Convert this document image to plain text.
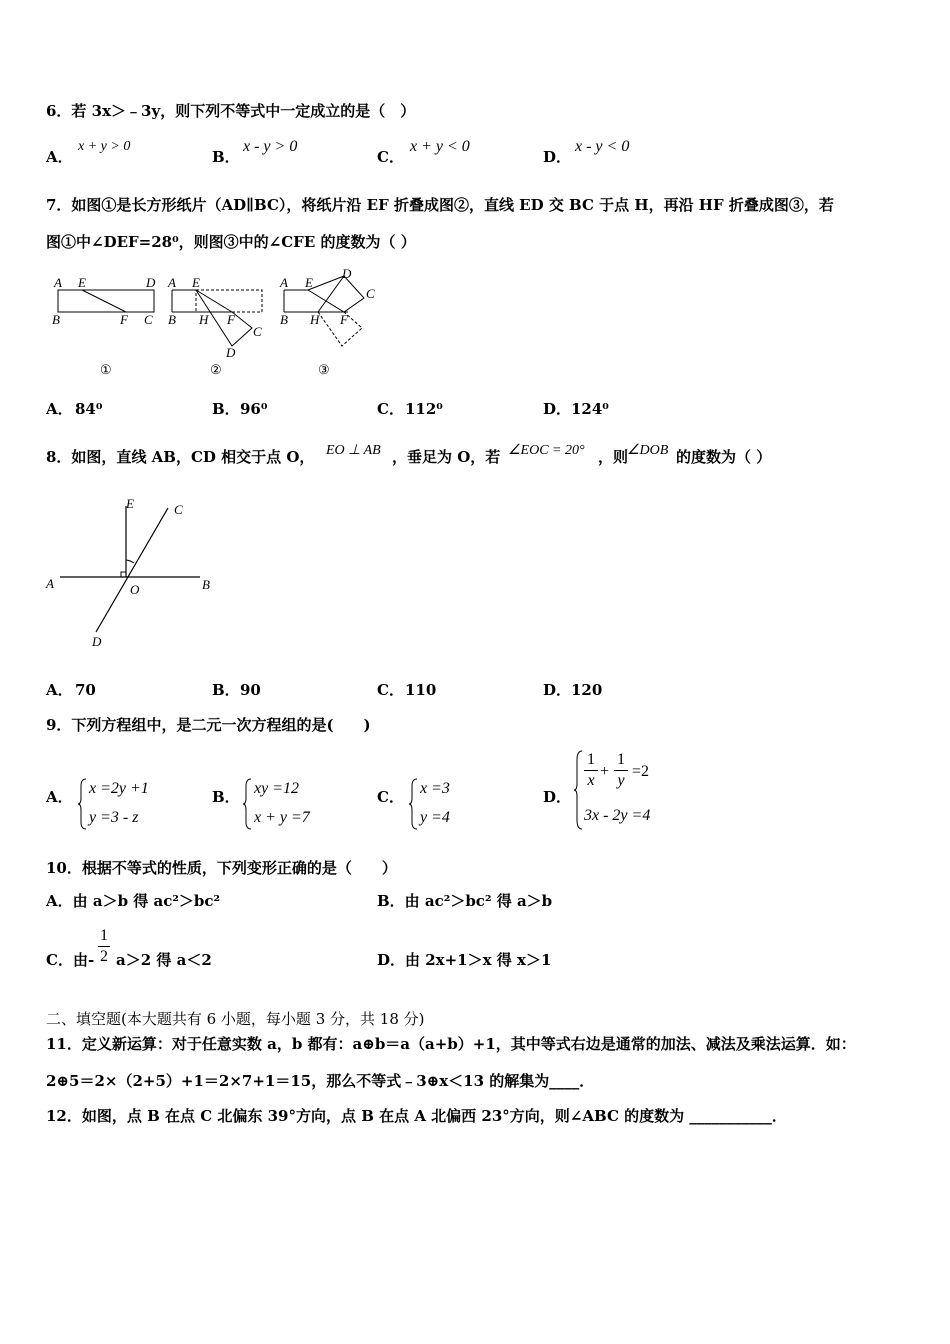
6．若 3x＞﹣3y，则下列不等式中一定成立的是（　）
A．
x + y > 0
B．
x - y > 0
C．
x + y < 0
D．
x - y < 0
7．如图①是长方形纸片（AD∥BC），将纸片沿 EF 折叠成图②，直线 ED 交 BC 于点 H，再沿 HF 折叠成图③，若
图①中∠DEF=28⁰，则图③中的∠CFE 的度数为（ ）
A E	D
B	F C
A E
B H F
C
D
A E
D
C
B H F
①	②	③
A． 84⁰	B． 96⁰	C． 112⁰	D． 124⁰
8．如图，直线 AB，CD 相交于点 O， EO ⊥ AB ，垂足为 O，若 ∠EOC = 20° ，则
∠DOB 的度数为（ ）
E	C
A	O	B
D
A． 70	B． 90	C． 110	D． 120
9．下列方程组中，是二元一次方程组的是(　　)
A． x =2y +1
y =3 - z
B． xy =12
x + y =7
C． x =3
y =4
D．
1
x
+
1
y
=2
3x - 2y =4
10．根据不等式的性质，下列变形正确的是（　　）
A．由 a＞b 得 ac²＞bc²	B．由 ac²＞bc² 得 a＞b
C．由-
1
2 a＞2 得 a＜2	D．由 2x+1＞x 得 x＞1
二、填空题(本大题共有 6 小题，每小题 3 分，共 18 分)
11．定义新运算：对于任意实数 a，b 都有：a⊕b＝a（a+b）+1，其中等式右边是通常的加法、减法及乘法运算．如：
2⊕5＝2×（2+5）+1＝2×7+1＝15，那么不等式﹣3⊕x＜13 的解集为____．
12．如图，点 B 在点 C 北偏东 39°方向，点 B 在点 A 北偏西 23°方向，则∠ABC 的度数为 ___________．
